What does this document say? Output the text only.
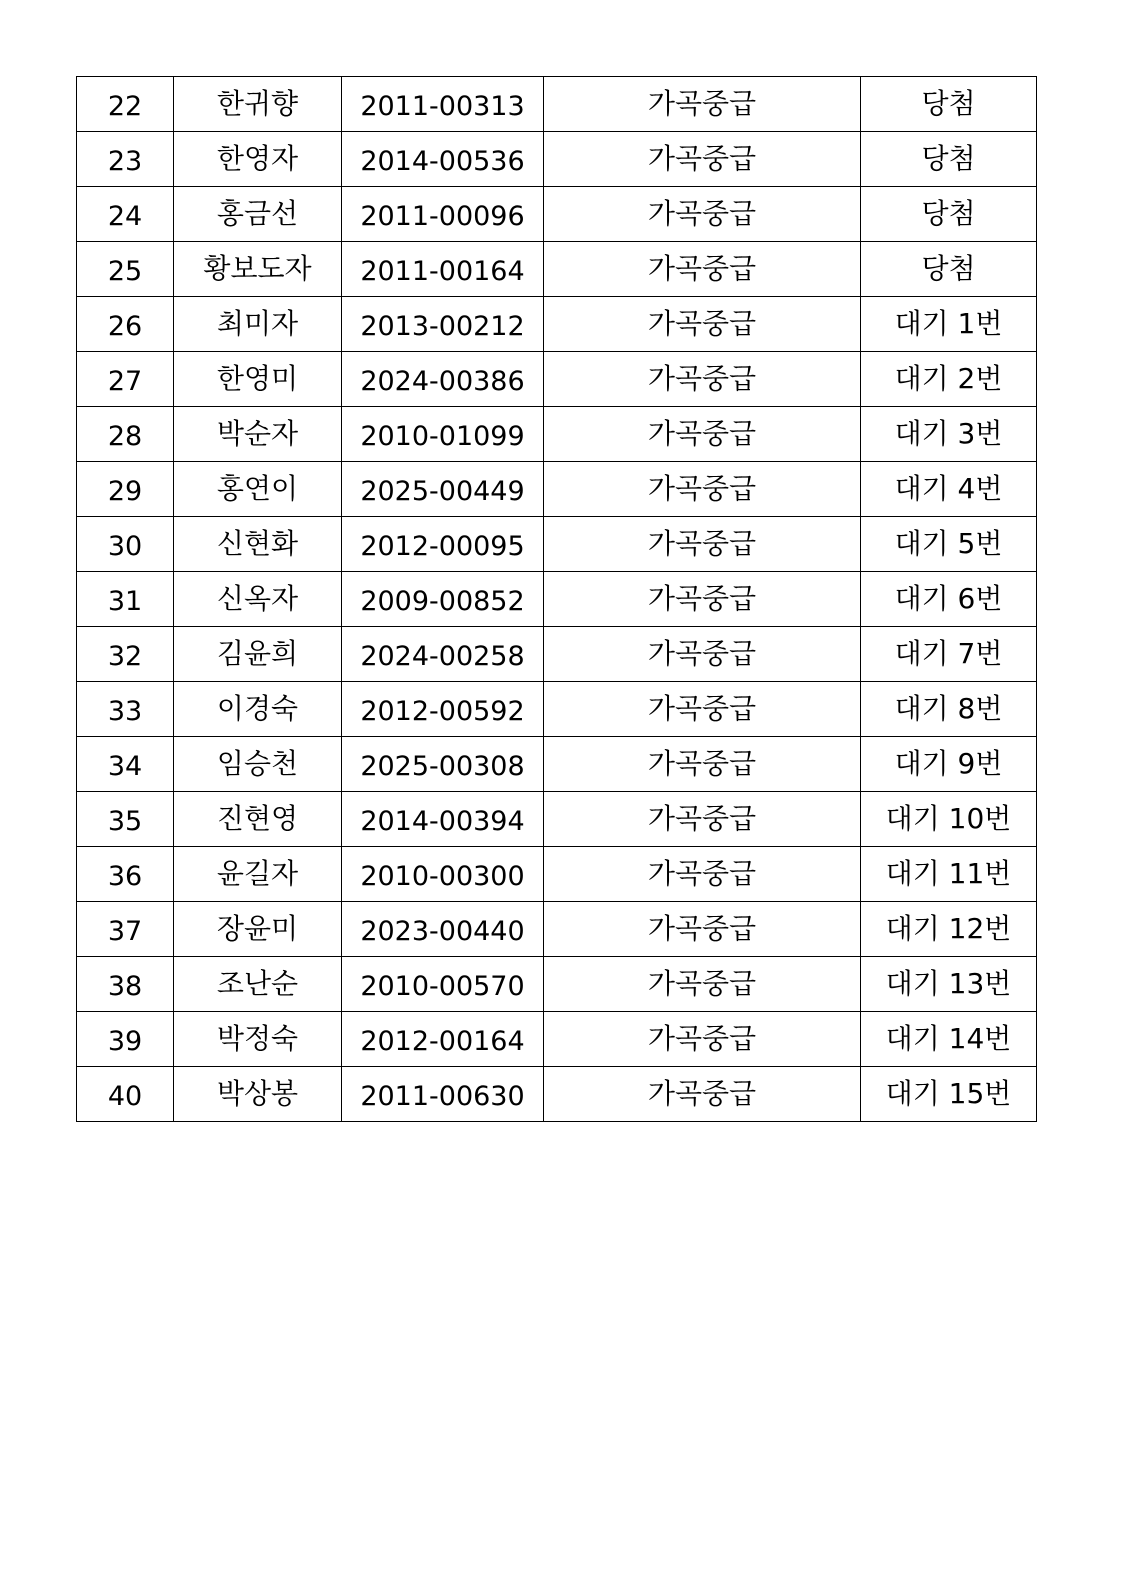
22	한귀향	2011-00313	가곡중급	당첨
23	한영자	2014-00536	가곡중급	당첨
24	홍금선	2011-00096	가곡중급	당첨
25	황보도자	2011-00164	가곡중급	당첨
26	최미자	2013-00212	가곡중급	대기 1번
27	한영미	2024-00386	가곡중급	대기 2번
28	박순자	2010-01099	가곡중급	대기 3번
29	홍연이	2025-00449	가곡중급	대기 4번
30	신현화	2012-00095	가곡중급	대기 5번
31	신옥자	2009-00852	가곡중급	대기 6번
32	김윤희	2024-00258	가곡중급	대기 7번
33	이경숙	2012-00592	가곡중급	대기 8번
34	임승천	2025-00308	가곡중급	대기 9번
35	진현영	2014-00394	가곡중급	대기 10번
36	윤길자	2010-00300	가곡중급	대기 11번
37	장윤미	2023-00440	가곡중급	대기 12번
38	조난순	2010-00570	가곡중급	대기 13번
39	박정숙	2012-00164	가곡중급	대기 14번
40	박상봉	2011-00630	가곡중급	대기 15번
